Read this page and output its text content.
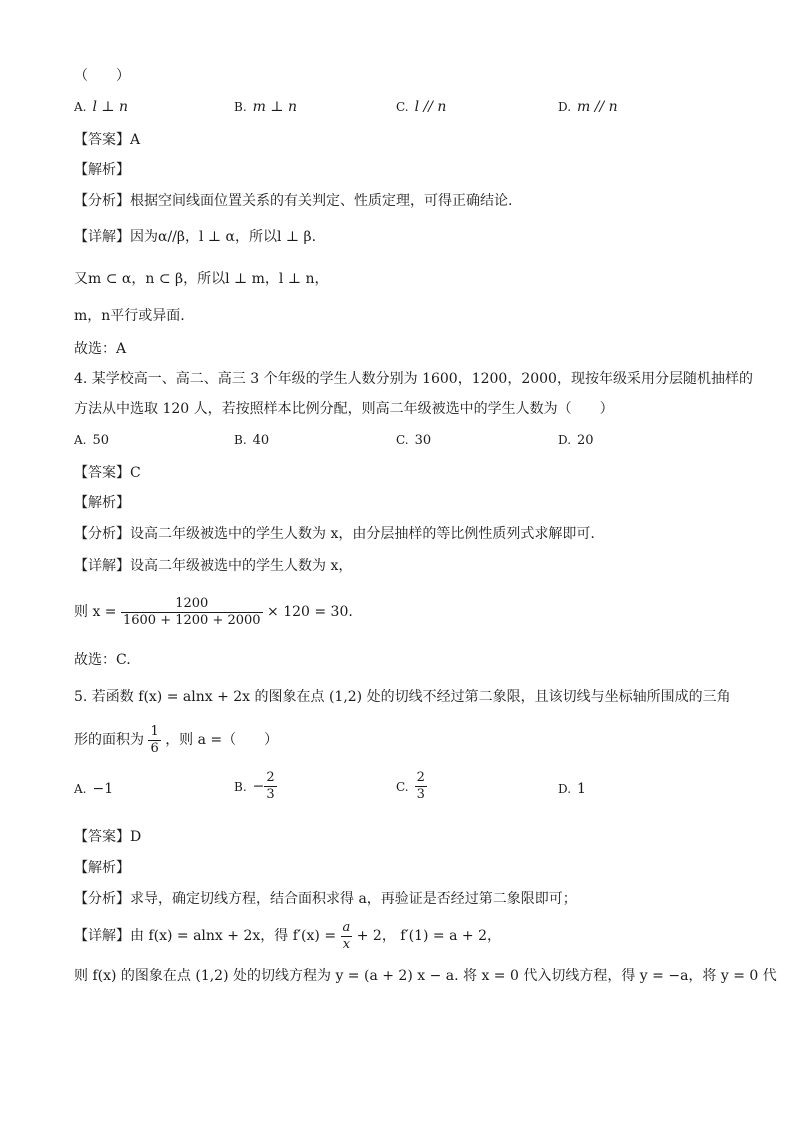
（　　）
A. l ⊥ n	B. m ⊥ n	C. l // n	D. m // n
【答案】A
【解析】
【分析】根据空间线面位置关系的有关判定、性质定理，可得正确结论.
【详解】因为α//β，l ⊥ α，所以l ⊥ β.
又m ⊂ α，n ⊂ β，所以l ⊥ m，l ⊥ n，
m，n平行或异面.
故选：A
4. 某学校高一、高二、高三 3 个年级的学生人数分别为 1600，1200，2000，现按年级采用分层随机抽样的
方法从中选取 120 人，若按照样本比例分配，则高二年级被选中的学生人数为（　　）
A. 50	B. 40	C. 30	D. 20
【答案】C
【解析】
【分析】设高二年级被选中的学生人数为 x，由分层抽样的等比例性质列式求解即可.
【详解】设高二年级被选中的学生人数为 x，
则 $x = \frac{1200}{1600 + 1200 + 2000} \times 120 = 30$.
故选：C.
5. 若函数 f(x) = alnx + 2x 的图象在点 (1,2) 处的切线不经过第二象限，且该切线与坐标轴所围成的三角
形的面积为 $\frac{1}{6}$ ，则 a =（　　）
A. −1	B. − $\frac{2}{3}$	C. $\frac{2}{3}$	D. 1
【答案】D
【解析】
【分析】求导，确定切线方程，结合面积求得 a，再验证是否经过第二象限即可；
【详解】由 f(x) = alnx + 2x，得 $f'(x) = \frac{a}{x} + 2$， f′(1) = a + 2，
则 f(x) 的图象在点 (1,2) 处的切线方程为 y = (a + 2) x − a. 将 x = 0 代入切线方程，得 y = −a，将 y = 0 代
